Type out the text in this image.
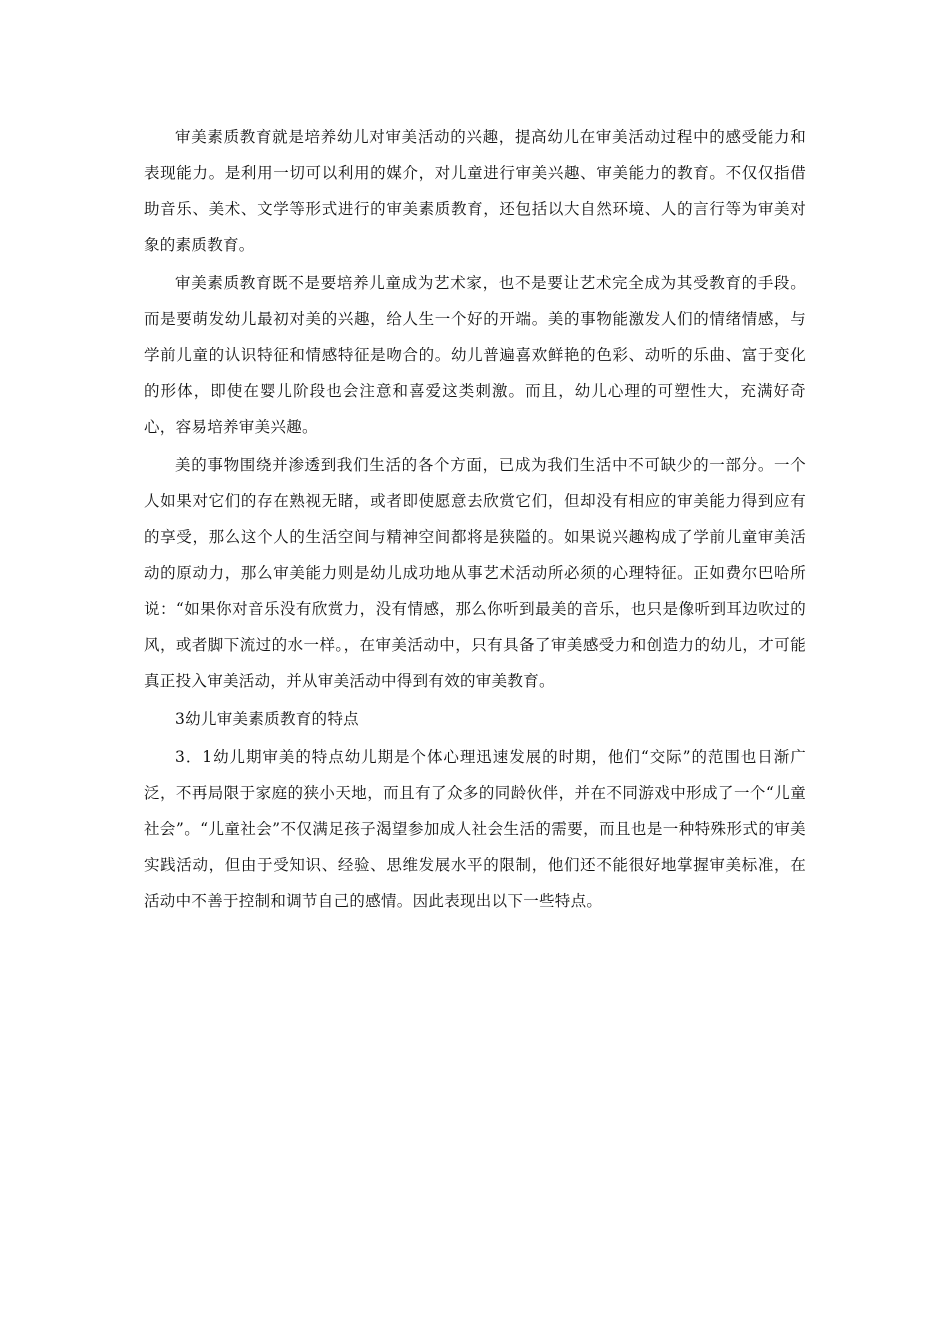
审美素质教育就是培养幼儿对审美活动的兴趣，提高幼儿在审美活动过程中的感受能力和表现能力。是利用一切可以利用的媒介，对儿童进行审美兴趣、审美能力的教育。不仅仅指借助音乐、美术、文学等形式进行的审美素质教育，还包括以大自然环境、人的言行等为审美对象的素质教育。

审美素质教育既不是要培养儿童成为艺术家，也不是要让艺术完全成为其受教育的手段。而是要萌发幼儿最初对美的兴趣，给人生一个好的开端。美的事物能激发人们的情绪情感，与学前儿童的认识特征和情感特征是吻合的。幼儿普遍喜欢鲜艳的色彩、动听的乐曲、富于变化的形体，即使在婴儿阶段也会注意和喜爱这类刺激。而且，幼儿心理的可塑性大，充满好奇心，容易培养审美兴趣。

美的事物围绕并渗透到我们生活的各个方面，已成为我们生活中不可缺少的一部分。一个人如果对它们的存在熟视无睹，或者即使愿意去欣赏它们，但却没有相应的审美能力得到应有的享受，那么这个人的生活空间与精神空间都将是狭隘的。如果说兴趣构成了学前儿童审美活动的原动力，那么审美能力则是幼儿成功地从事艺术活动所必须的心理特征。正如费尔巴哈所说：“如果你对音乐没有欣赏力，没有情感，那么你听到最美的音乐，也只是像听到耳边吹过的风，或者脚下流过的水一样。，在审美活动中，只有具备了审美感受力和创造力的幼儿，才可能真正投入审美活动，并从审美活动中得到有效的审美教育。

3幼儿审美素质教育的特点

3．1幼儿期审美的特点幼儿期是个体心理迅速发展的时期，他们“交际”的范围也日渐广泛，不再局限于家庭的狭小天地，而且有了众多的同龄伙伴，并在不同游戏中形成了一个“儿童社会”。“儿童社会”不仅满足孩子渴望参加成人社会生活的需要，而且也是一种特殊形式的审美实践活动，但由于受知识、经验、思维发展水平的限制，他们还不能很好地掌握审美标准，在活动中不善于控制和调节自己的感情。因此表现出以下一些特点。
